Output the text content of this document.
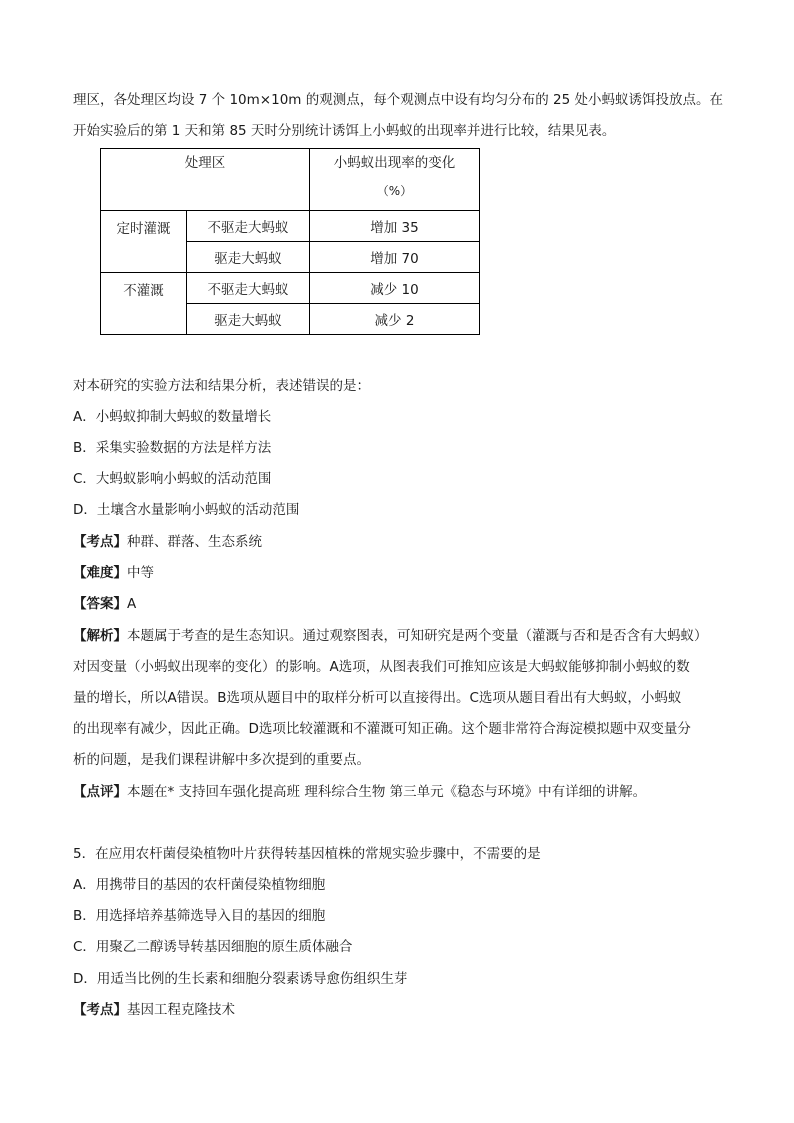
理区，各处理区均设 7 个 10m×10m 的观测点，每个观测点中设有均匀分布的 25 处小蚂蚁诱饵投放点。在
开始实验后的第 1 天和第 85 天时分别统计诱饵上小蚂蚁的出现率并进行比较，结果见表。
处理区		小蚂蚁出现率的变化
（%）

定时灌溉	不驱走大蚂蚁	增加 35
	驱走大蚂蚁	增加 70
不灌溉	不驱走大蚂蚁	减少 10
	驱走大蚂蚁	减少 2
对本研究的实验方法和结果分析，表述错误的是：
A．小蚂蚁抑制大蚂蚁的数量增长
B．采集实验数据的方法是样方法
C．大蚂蚁影响小蚂蚁的活动范围
D．土壤含水量影响小蚂蚁的活动范围
【考点】种群、群落、生态系统
【难度】中等
【答案】A
【解析】本题属于考查的是生态知识。通过观察图表，可知研究是两个变量（灌溉与否和是否含有大蚂蚁）
对因变量（小蚂蚁出现率的变化）的影响。A选项，从图表我们可推知应该是大蚂蚁能够抑制小蚂蚁的数
量的增长，所以A错误。B选项从题目中的取样分析可以直接得出。C选项从题目看出有大蚂蚁，小蚂蚁
的出现率有减少，因此正确。D选项比较灌溉和不灌溉可知正确。这个题非常符合海淀模拟题中双变量分
析的问题，是我们课程讲解中多次提到的重要点。
【点评】本题在* 支持回车强化提高班 理科综合生物 第三单元《稳态与环境》中有详细的讲解。
5．在应用农杆菌侵染植物叶片获得转基因植株的常规实验步骤中，不需要的是
A．用携带目的基因的农杆菌侵染植物细胞
B．用选择培养基筛选导入目的基因的细胞
C．用聚乙二醇诱导转基因细胞的原生质体融合
D．用适当比例的生长素和细胞分裂素诱导愈伤组织生芽
【考点】基因工程克隆技术
